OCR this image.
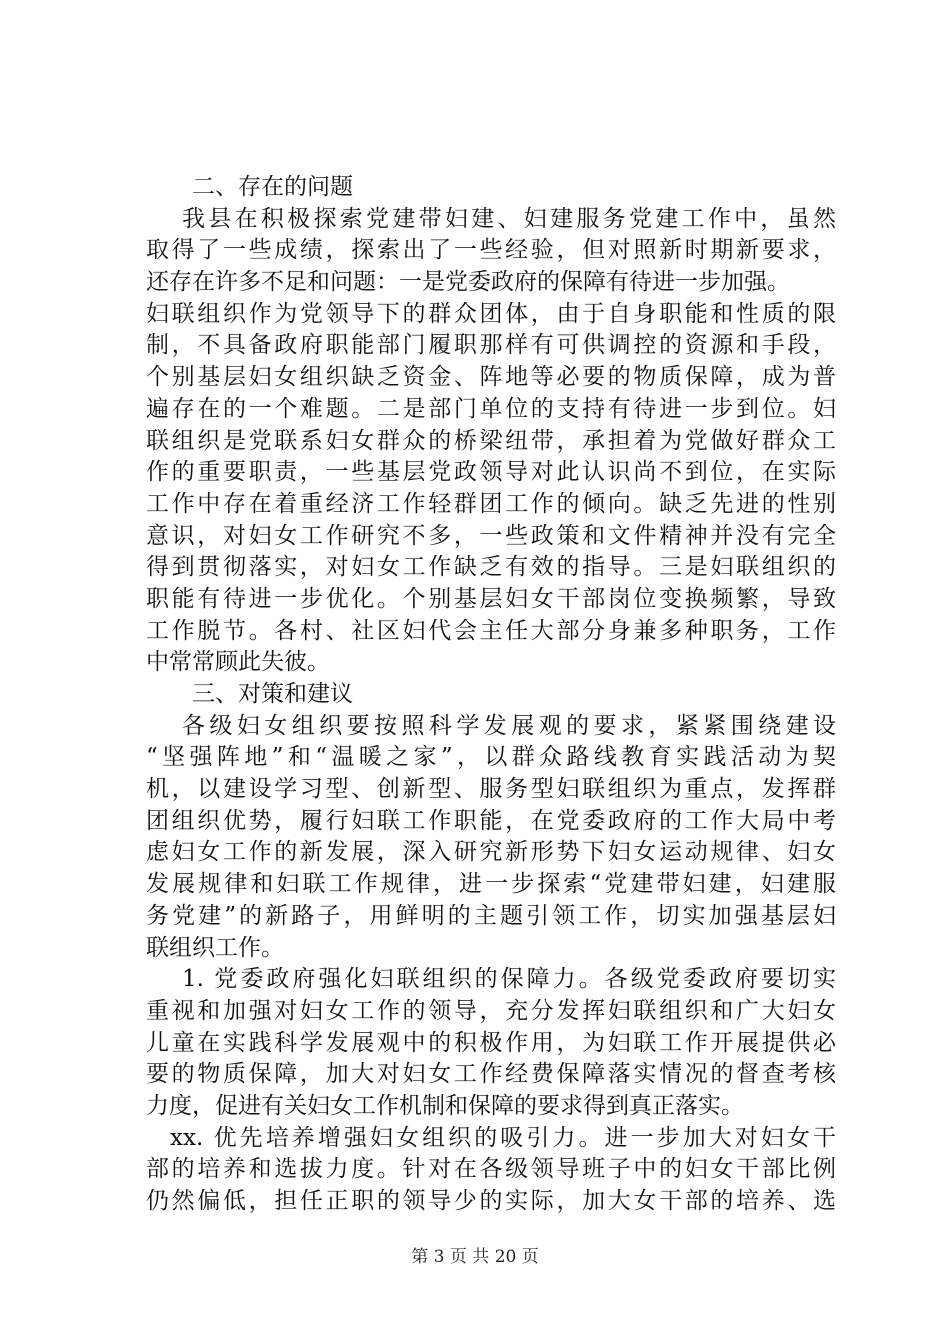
二、存在的问题
我县在积极探索党建带妇建、妇建服务党建工作中，虽然
取得了一些成绩，探索出了一些经验，但对照新时期新要求，
还存在许多不足和问题：一是党委政府的保障有待进一步加强。
妇联组织作为党领导下的群众团体，由于自身职能和性质的限
制，不具备政府职能部门履职那样有可供调控的资源和手段，
个别基层妇女组织缺乏资金、阵地等必要的物质保障，成为普
遍存在的一个难题。二是部门单位的支持有待进一步到位。妇
联组织是党联系妇女群众的桥梁纽带，承担着为党做好群众工
作的重要职责，一些基层党政领导对此认识尚不到位，在实际
工作中存在着重经济工作轻群团工作的倾向。缺乏先进的性别
意识，对妇女工作研究不多，一些政策和文件精神并没有完全
得到贯彻落实，对妇女工作缺乏有效的指导。三是妇联组织的
职能有待进一步优化。个别基层妇女干部岗位变换频繁，导致
工作脱节。各村、社区妇代会主任大部分身兼多种职务，工作
中常常顾此失彼。
三、对策和建议
各级妇女组织要按照科学发展观的要求，紧紧围绕建设
“坚强阵地”和“温暖之家”，以群众路线教育实践活动为契
机，以建设学习型、创新型、服务型妇联组织为重点，发挥群
团组织优势，履行妇联工作职能，在党委政府的工作大局中考
虑妇女工作的新发展，深入研究新形势下妇女运动规律、妇女
发展规律和妇联工作规律，进一步探索“党建带妇建，妇建服
务党建”的新路子，用鲜明的主题引领工作，切实加强基层妇
联组织工作。
1. 党委政府强化妇联组织的保障力。各级党委政府要切实
重视和加强对妇女工作的领导，充分发挥妇联组织和广大妇女
儿童在实践科学发展观中的积极作用，为妇联工作开展提供必
要的物质保障，加大对妇女工作经费保障落实情况的督查考核
力度，促进有关妇女工作机制和保障的要求得到真正落实。
xx. 优先培养增强妇女组织的吸引力。进一步加大对妇女干
部的培养和选拔力度。针对在各级领导班子中的妇女干部比例
仍然偏低，担任正职的领导少的实际，加大女干部的培养、选
第 3 页 共 20 页
